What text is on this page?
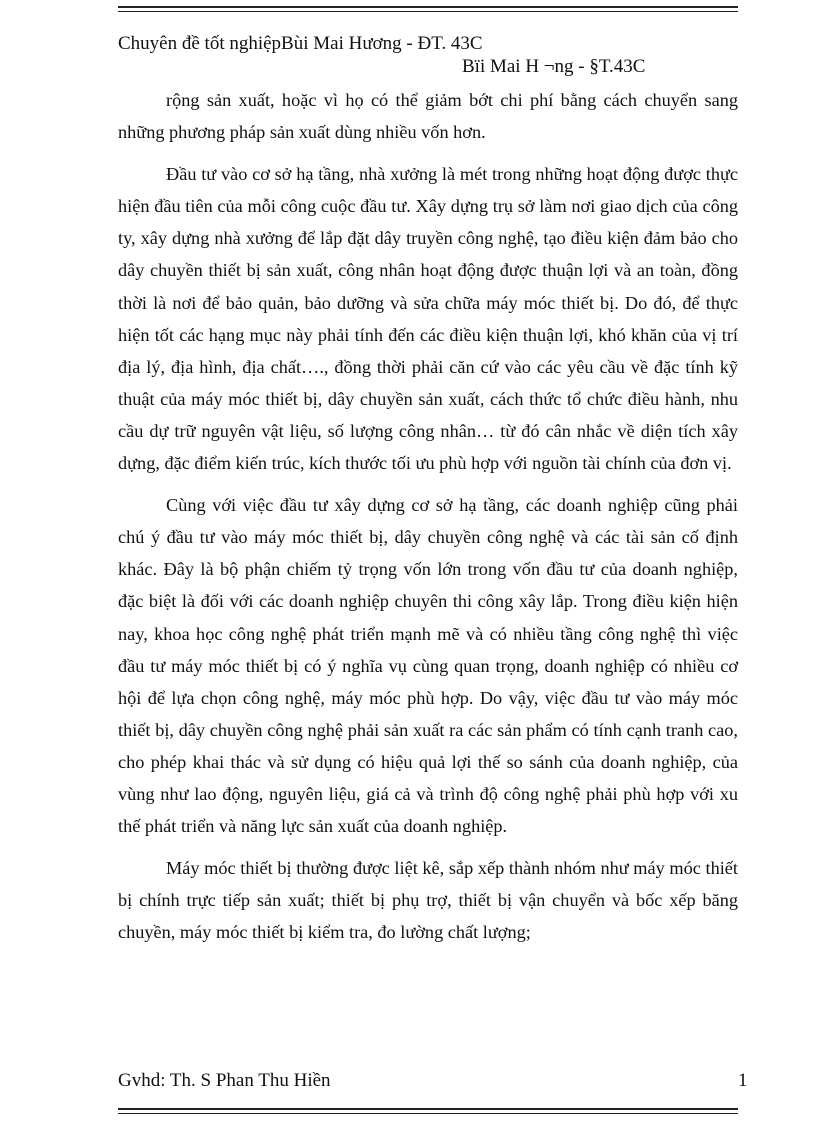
Chuyên đề tốt nghiệpBùi Mai Hương - ĐT. 43C
Bïi Mai H ¬ng - §T.43C

rộng sản xuất, hoặc vì họ có thể giảm bớt chi phí bằng cách chuyển sang những phương pháp sản xuất dùng nhiều vốn hơn.

Đầu tư vào cơ sở hạ tầng, nhà xưởng là mét trong những hoạt động được thực hiện đầu tiên của mỗi công cuộc đầu tư. Xây dựng trụ sở làm nơi giao dịch của công ty, xây dựng nhà xưởng để lắp đặt dây truyền công nghệ, tạo điều kiện đảm bảo cho dây chuyền thiết bị sản xuất, công nhân hoạt động được thuận lợi và an toàn, đồng thời là nơi để bảo quản, bảo dưỡng và sửa chữa máy móc thiết bị. Do đó, để thực hiện tốt các hạng mục này phải tính đến các điều kiện thuận lợi, khó khăn của vị trí địa lý, địa hình, địa chất…., đồng thời phải căn cứ vào các yêu cầu về đặc tính kỹ thuật của máy móc thiết bị, dây chuyền sản xuất, cách thức tổ chức điều hành, nhu cầu dự trữ nguyên vật liệu, số lượng công nhân… từ đó cân nhắc về diện tích xây dựng, đặc điểm kiến trúc, kích thước tối ưu phù hợp với nguồn tài chính của đơn vị.

Cùng với việc đầu tư xây dựng cơ sở hạ tầng, các doanh nghiệp cũng phải chú ý đầu tư vào máy móc thiết bị, dây chuyền công nghệ và các tài sản cố định khác. Đây là bộ phận chiếm tỷ trọng vốn lớn trong vốn đầu tư của doanh nghiệp, đặc biệt là đối với các doanh nghiệp chuyên thi công xây lắp. Trong điều kiện hiện nay, khoa học công nghệ phát triển mạnh mẽ và có nhiều tầng công nghệ thì việc đầu tư máy móc thiết bị có ý nghĩa vụ cùng quan trọng, doanh nghiệp có nhiều cơ hội để lựa chọn công nghệ, máy móc phù hợp. Do vậy, việc đầu tư vào máy móc thiết bị, dây chuyền công nghệ phải sản xuất ra các sản phẩm có tính cạnh tranh cao, cho phép khai thác và sử dụng có hiệu quả lợi thế so sánh của doanh nghiệp, của vùng như lao động, nguyên liệu, giá cả và trình độ công nghệ phải phù hợp với xu thế phát triển và năng lực sản xuất của doanh nghiệp.

Máy móc thiết bị thường được liệt kê, sắp xếp thành nhóm như máy móc thiết bị chính trực tiếp sản xuất; thiết bị phụ trợ, thiết bị vận chuyển và bốc xếp băng chuyền, máy móc thiết bị kiểm tra, đo lường chất lượng;

Gvhd: Th. S Phan Thu Hiền	1
